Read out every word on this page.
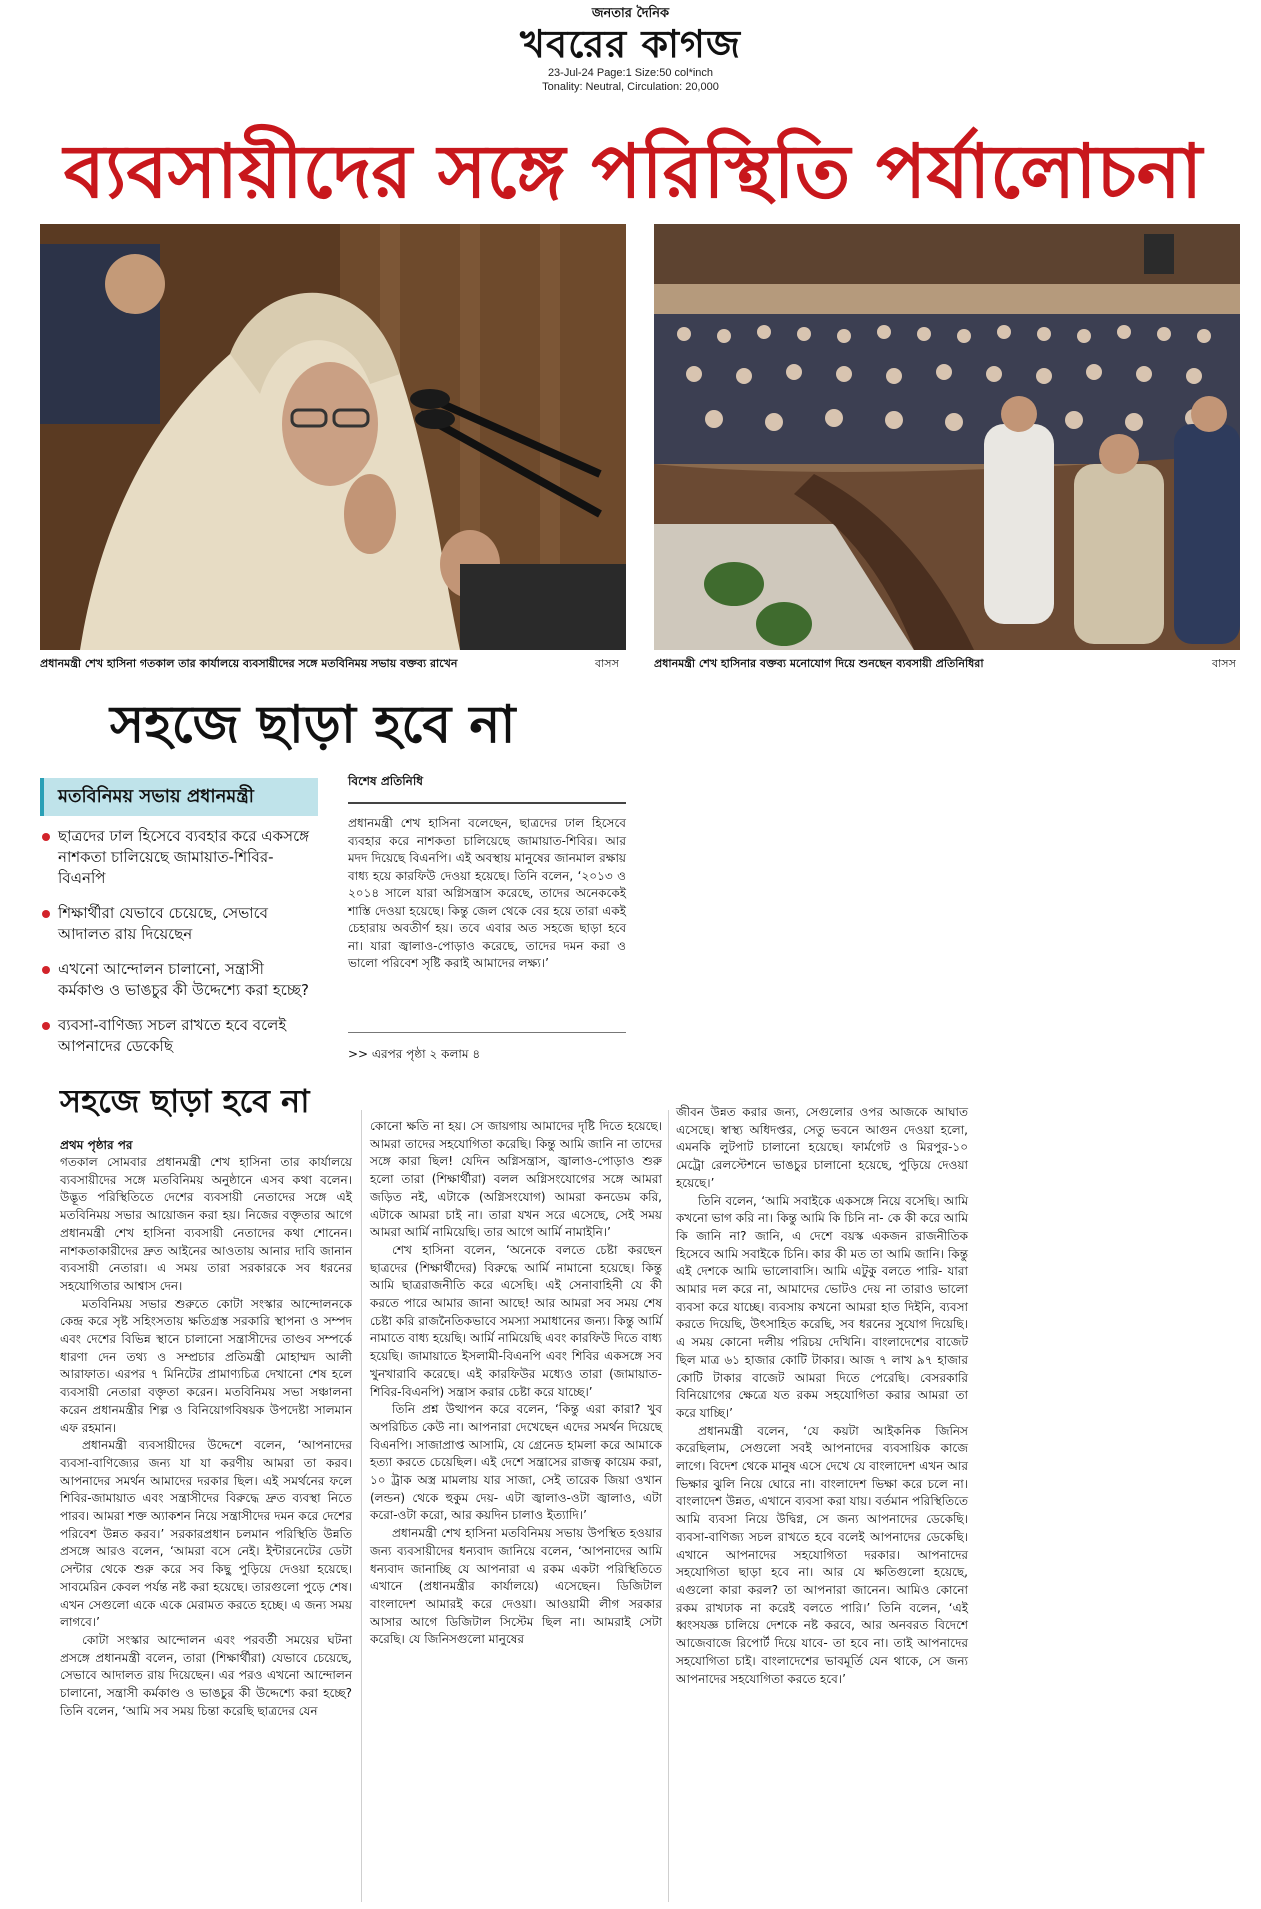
জনতার দৈনিক
খবরের কাগজ
23-Jul-24 Page:1 Size:50 col*inch
Tonality: Neutral, Circulation: 20,000
ব্যবসায়ীদের সঙ্গে পরিস্থিতি পর্যালোচনা
প্রধানমন্ত্রী শেখ হাসিনা গতকাল তার কার্যালয়ে ব্যবসায়ীদের সঙ্গে মতবিনিময় সভায় বক্তব্য রাখেন	বাসস	প্রধানমন্ত্রী শেখ হাসিনার বক্তব্য মনোযোগ দিয়ে শুনছেন ব্যবসায়ী প্রতিনিধিরা	বাসস
সহজে ছাড়া হবে না
মতবিনিময় সভায় প্রধানমন্ত্রী
ছাত্রদের ঢাল হিসেবে ব্যবহার করে একসঙ্গে নাশকতা চালিয়েছে জামায়াত-শিবির-বিএনপি
শিক্ষার্থীরা যেভাবে চেয়েছে, সেভাবে আদালত রায় দিয়েছেন
এখনো আন্দোলন চালানো, সন্ত্রাসী কর্মকাণ্ড ও ভাঙচুর কী উদ্দেশ্যে করা হচ্ছে?
ব্যবসা-বাণিজ্য সচল রাখতে হবে বলেই আপনাদের ডেকেছি
বিশেষ প্রতিনিধি
প্রধানমন্ত্রী শেখ হাসিনা বলেছেন, ছাত্রদের ঢাল হিসেবে ব্যবহার করে নাশকতা চালিয়েছে জামায়াত-শিবির। আর মদদ দিয়েছে বিএনপি। এই অবস্থায় মানুষের জানমাল রক্ষায় বাধ্য হয়ে কারফিউ দেওয়া হয়েছে। তিনি বলেন, ‘২০১৩ ও ২০১৪ সালে যারা অগ্নিসন্ত্রাস করেছে, তাদের অনেককেই শাস্তি দেওয়া হয়েছে। কিন্তু জেল থেকে বের হয়ে তারা একই চেহারায় অবতীর্ণ হয়। তবে এবার অত সহজে ছাড়া হবে না। যারা জ্বালাও-পোড়াও করেছে, তাদের দমন করা ও ভালো পরিবেশ সৃষ্টি করাই আমাদের লক্ষ্য।’
>> এরপর পৃষ্ঠা ২ কলাম ৪
সহজে ছাড়া হবে না
প্রথম পৃষ্ঠার পর

গতকাল সোমবার প্রধানমন্ত্রী শেখ হাসিনা তার কার্যালয়ে ব্যবসায়ীদের সঙ্গে মতবিনিময় অনুষ্ঠানে এসব কথা বলেন। উদ্ভূত পরিস্থিতিতে দেশের ব্যবসায়ী নেতাদের সঙ্গে এই মতবিনিময় সভার আয়োজন করা হয়। নিজের বক্তৃতার আগে প্রধানমন্ত্রী শেখ হাসিনা ব্যবসায়ী নেতাদের কথা শোনেন। নাশকতাকারীদের দ্রুত আইনের আওতায় আনার দাবি জানান ব্যবসায়ী নেতারা। এ সময় তারা সরকারকে সব ধরনের সহযোগিতার আশ্বাস দেন।

মতবিনিময় সভার শুরুতে কোটা সংস্কার আন্দোলনকে কেন্দ্র করে সৃষ্ট সহিংসতায় ক্ষতিগ্রস্ত সরকারি স্থাপনা ও সম্পদ এবং দেশের বিভিন্ন স্থানে চালানো সন্ত্রাসীদের তাণ্ডব সম্পর্কে ধারণা দেন তথ্য ও সম্প্রচার প্রতিমন্ত্রী মোহাম্মদ আলী আরাফাত। এরপর ৭ মিনিটের প্রামাণ্যচিত্র দেখানো শেষ হলে ব্যবসায়ী নেতারা বক্তৃতা করেন। মতবিনিময় সভা সঞ্চালনা করেন প্রধানমন্ত্রীর শিল্প ও বিনিয়োগবিষয়ক উপদেষ্টা সালমান এফ রহমান।

প্রধানমন্ত্রী ব্যবসায়ীদের উদ্দেশে বলেন, ‘আপনাদের ব্যবসা-বাণিজ্যের জন্য যা যা করণীয় আমরা তা করব। আপনাদের সমর্থন আমাদের দরকার ছিল। এই সমর্থনের ফলে শিবির-জামায়াত এবং সন্ত্রাসীদের বিরুদ্ধে দ্রুত ব্যবস্থা নিতে পারব। আমরা শক্ত অ্যাকশন নিয়ে সন্ত্রাসীদের দমন করে দেশের পরিবেশ উন্নত করব।’ সরকারপ্রধান চলমান পরিস্থিতি উন্নতি প্রসঙ্গে আরও বলেন, ‘আমরা বসে নেই। ইন্টারনেটের ডেটা সেন্টার থেকে শুরু করে সব কিছু পুড়িয়ে দেওয়া হয়েছে। সাবমেরিন কেবল পর্যন্ত নষ্ট করা হয়েছে। তারগুলো পুড়ে শেষ। এখন সেগুলো একে একে মেরামত করতে হচ্ছে। এ জন্য সময় লাগবে।’

কোটা সংস্কার আন্দোলন এবং পরবর্তী সময়ের ঘটনা প্রসঙ্গে প্রধানমন্ত্রী বলেন, তারা (শিক্ষার্থীরা) যেভাবে চেয়েছে, সেভাবে আদালত রায় দিয়েছেন। এর পরও এখনো আন্দোলন চালানো, সন্ত্রাসী কর্মকাণ্ড ও ভাঙচুর কী উদ্দেশ্যে করা হচ্ছে? তিনি বলেন, ‘আমি সব সময় চিন্তা করেছি ছাত্রদের যেন

কোনো ক্ষতি না হয়। সে জায়গায় আমাদের দৃষ্টি দিতে হয়েছে। আমরা তাদের সহযোগিতা করেছি। কিন্তু আমি জানি না তাদের সঙ্গে কারা ছিল! যেদিন অগ্নিসন্ত্রাস, জ্বালাও-পোড়াও শুরু হলো তারা (শিক্ষার্থীরা) বলল অগ্নিসংযোগের সঙ্গে আমরা জড়িত নই, এটাকে (অগ্নিসংযোগ) আমরা কনডেম করি, এটাকে আমরা চাই না। তারা যখন সরে এসেছে, সেই সময় আমরা আর্মি নামিয়েছি। তার আগে আর্মি নামাইনি।’

শেখ হাসিনা বলেন, ‘অনেকে বলতে চেষ্টা করছেন ছাত্রদের (শিক্ষার্থীদের) বিরুদ্ধে আর্মি নামানো হয়েছে। কিন্তু আমি ছাত্ররাজনীতি করে এসেছি। এই সেনাবাহিনী যে কী করতে পারে আমার জানা আছে! আর আমরা সব সময় শেষ চেষ্টা করি রাজনৈতিকভাবে সমস্যা সমাধানের জন্য। কিন্তু আর্মি নামাতে বাধ্য হয়েছি। আর্মি নামিয়েছি এবং কারফিউ দিতে বাধ্য হয়েছি। জামায়াতে ইসলামী-বিএনপি এবং শিবির একসঙ্গে সব খুনখারাবি করেছে। এই কারফিউর মধ্যেও তারা (জামায়াত-শিবির-বিএনপি) সন্ত্রাস করার চেষ্টা করে যাচ্ছে।’

তিনি প্রশ্ন উত্থাপন করে বলেন, ‘কিন্তু এরা কারা? খুব অপরিচিত কেউ না। আপনারা দেখেছেন এদের সমর্থন দিয়েছে বিএনপি। সাজাপ্রাপ্ত আসামি, যে গ্রেনেড হামলা করে আমাকে হত্যা করতে চেয়েছিল। এই দেশে সন্ত্রাসের রাজত্ব কায়েম করা, ১০ ট্রাক অস্ত্র মামলায় যার সাজা, সেই তারেক জিয়া ওখান (লন্ডন) থেকে হুকুম দেয়- এটা জ্বালাও-ওটা জ্বালাও, এটা করো-ওটা করো, আর কয়দিন চালাও ইত্যাদি।’

প্রধানমন্ত্রী শেখ হাসিনা মতবিনিময় সভায় উপস্থিত হওয়ার জন্য ব্যবসায়ীদের ধন্যবাদ জানিয়ে বলেন, ‘আপনাদের আমি ধন্যবাদ জানাচ্ছি যে আপনারা এ রকম একটা পরিস্থিতিতে এখানে (প্রধানমন্ত্রীর কার্যালয়ে) এসেছেন। ডিজিটাল বাংলাদেশ আমারই করে দেওয়া। আওয়ামী লীগ সরকার আসার আগে ডিজিটাল সিস্টেম ছিল না। আমরাই সেটা করেছি। যে জিনিসগুলো মানুষের

জীবন উন্নত করার জন্য, সেগুলোর ওপর আজকে আঘাত এসেছে। স্বাস্থ্য অধিদপ্তর, সেতু ভবনে আগুন দেওয়া হলো, এমনকি লুটপাট চালানো হয়েছে। ফার্মগেট ও মিরপুর-১০ মেট্রো রেলস্টেশনে ভাঙচুর চালানো হয়েছে, পুড়িয়ে দেওয়া হয়েছে।’

তিনি বলেন, ‘আমি সবাইকে একসঙ্গে নিয়ে বসেছি। আমি কখনো ভাগ করি না। কিন্তু আমি কি চিনি না- কে কী করে আমি কি জানি না? জানি, এ দেশে বয়স্ক একজন রাজনীতিক হিসেবে আমি সবাইকে চিনি। কার কী মত তা আমি জানি। কিন্তু এই দেশকে আমি ভালোবাসি। আমি এটুকু বলতে পারি- যারা আমার দল করে না, আমাদের ভোটও দেয় না তারাও ভালো ব্যবসা করে যাচ্ছে। ব্যবসায় কখনো আমরা হাত দিইনি, ব্যবসা করতে দিয়েছি, উৎসাহিত করেছি, সব ধরনের সুযোগ দিয়েছি। এ সময় কোনো দলীয় পরিচয় দেখিনি। বাংলাদেশের বাজেট ছিল মাত্র ৬১ হাজার কোটি টাকার। আজ ৭ লাখ ৯৭ হাজার কোটি টাকার বাজেট আমরা দিতে পেরেছি। বেসরকারি বিনিয়োগের ক্ষেত্রে যত রকম সহযোগিতা করার আমরা তা করে যাচ্ছি।’

প্রধানমন্ত্রী বলেন, ‘যে কয়টা আইকনিক জিনিস করেছিলাম, সেগুলো সবই আপনাদের ব্যবসায়িক কাজে লাগে। বিদেশ থেকে মানুষ এসে দেখে যে বাংলাদেশ এখন আর ভিক্ষার ঝুলি নিয়ে ঘোরে না। বাংলাদেশ ভিক্ষা করে চলে না। বাংলাদেশ উন্নত, এখানে ব্যবসা করা যায়। বর্তমান পরিস্থিতিতে আমি ব্যবসা নিয়ে উদ্বিগ্ন, সে জন্য আপনাদের ডেকেছি। ব্যবসা-বাণিজ্য সচল রাখতে হবে বলেই আপনাদের ডেকেছি। এখানে আপনাদের সহযোগিতা দরকার। আপনাদের সহযোগিতা ছাড়া হবে না। আর যে ক্ষতিগুলো হয়েছে, এগুলো কারা করল? তা আপনারা জানেন। আমিও কোনো রকম রাখঢাক না করেই বলতে পারি।’ তিনি বলেন, ‘এই ধ্বংসযজ্ঞ চালিয়ে দেশকে নষ্ট করবে, আর অনবরত বিদেশে আজেবাজে রিপোর্ট দিয়ে যাবে- তা হবে না। তাই আপনাদের সহযোগিতা চাই। বাংলাদেশের ভাবমূর্তি যেন থাকে, সে জন্য আপনাদের সহযোগিতা করতে হবে।’
